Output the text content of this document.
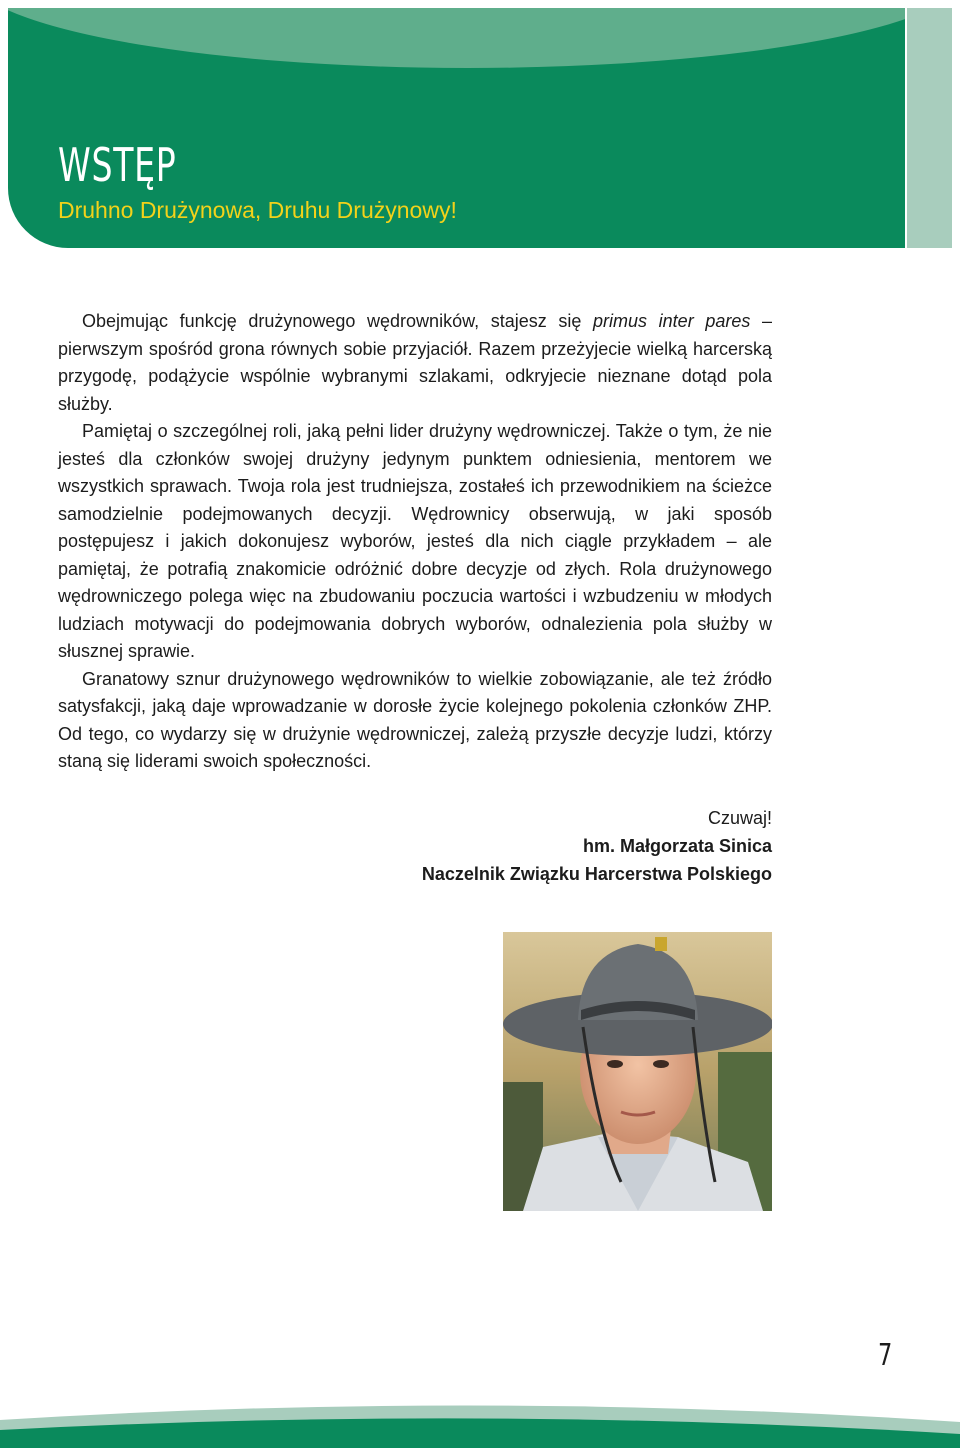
WSTĘP
Druhno Drużynowa, Druhu Drużynowy!

Obejmując funkcję drużynowego wędrowników, stajesz się primus inter pares – pierwszym spośród grona równych sobie przyjaciół. Razem przeżyjecie wielką harcerską przygodę, podążycie wspólnie wybranymi szlakami, odkryjecie nieznane dotąd pola służby.

Pamiętaj o szczególnej roli, jaką pełni lider drużyny wędrowniczej. Także o tym, że nie jesteś dla członków swojej drużyny jedynym punktem odniesienia, mentorem we wszystkich sprawach. Twoja rola jest trudniejsza, zostałeś ich przewodnikiem na ścieżce samodzielnie podejmowanych decyzji. Wędrownicy obserwują, w jaki sposób postępujesz i jakich dokonujesz wyborów, jesteś dla nich ciągle przykładem – ale pamiętaj, że potrafią znakomicie odróżnić dobre decyzje od złych. Rola drużynowego wędrowniczego polega więc na zbudowaniu poczucia wartości i wzbudzeniu w młodych ludziach motywacji do podejmowania dobrych wyborów, odnalezienia pola służby w słusznej sprawie.

Granatowy sznur drużynowego wędrowników to wielkie zobowiązanie, ale też źródło satysfakcji, jaką daje wprowadzanie w dorosłe życie kolejnego pokolenia członków ZHP. Od tego, co wydarzy się w drużynie wędrowniczej, zależą przyszłe decyzje ludzi, którzy staną się liderami swoich społeczności.

Czuwaj!
hm. Małgorzata Sinica
Naczelnik Związku Harcerstwa Polskiego
7
